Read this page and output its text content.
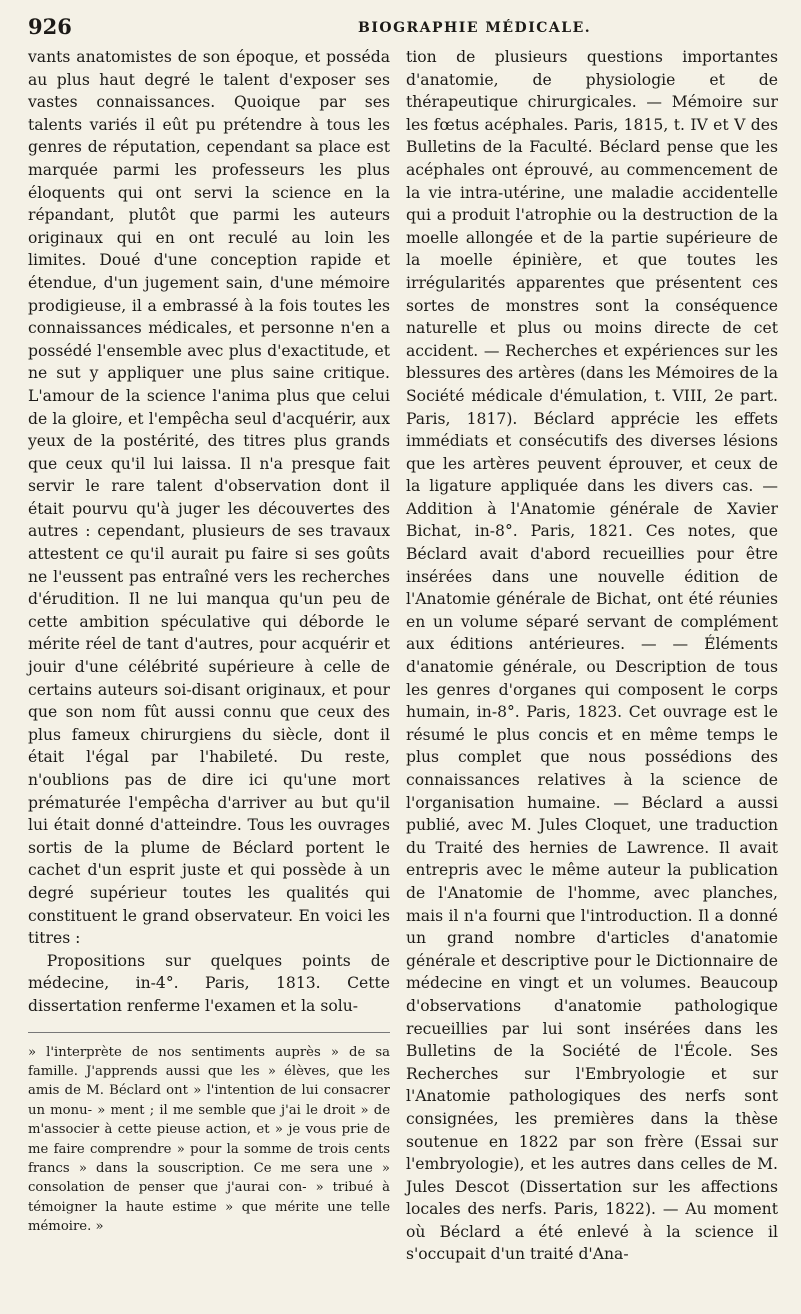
926	BIOGRAPHIE MÉDICALE.

vants anatomistes de son époque, et posséda au plus haut degré le talent d'exposer ses vastes connaissances. Quoique par ses talents variés il eût pu prétendre à tous les genres de réputation, cependant sa place est marquée parmi les professeurs les plus éloquents qui ont servi la science en la répandant, plutôt que parmi les auteurs originaux qui en ont reculé au loin les limites. Doué d'une conception rapide et étendue, d'un jugement sain, d'une mémoire prodigieuse, il a embrassé à la fois toutes les connaissances médicales, et personne n'en a possédé l'ensemble avec plus d'exactitude, et ne sut y appliquer une plus saine critique. L'amour de la science l'anima plus que celui de la gloire, et l'empêcha seul d'acquérir, aux yeux de la postérité, des titres plus grands que ceux qu'il lui laissa. Il n'a presque fait servir le rare talent d'observation dont il était pourvu qu'à juger les découvertes des autres : cependant, plusieurs de ses travaux attestent ce qu'il aurait pu faire si ses goûts ne l'eussent pas entraîné vers les recherches d'érudition. Il ne lui manqua qu'un peu de cette ambition spéculative qui déborde le mérite réel de tant d'autres, pour acquérir et jouir d'une célébrité supérieure à celle de certains auteurs soi-disant originaux, et pour que son nom fût aussi connu que ceux des plus fameux chirurgiens du siècle, dont il était l'égal par l'habileté. Du reste, n'oublions pas de dire ici qu'une mort prématurée l'empêcha d'arriver au but qu'il lui était donné d'atteindre. Tous les ouvrages sortis de la plume de Béclard portent le cachet d'un esprit juste et qui possède à un degré supérieur toutes les qualités qui constituent le grand observateur. En voici les titres :

Propositions sur quelques points de médecine, in-4°. Paris, 1813. Cette dissertation renferme l'examen et la solu-

» l'interprète de nos sentiments auprès » de sa famille. J'apprends aussi que les » élèves, que les amis de M. Béclard ont » l'intention de lui consacrer un monu- » ment ; il me semble que j'ai le droit » de m'associer à cette pieuse action, et » je vous prie de me faire comprendre » pour la somme de trois cents francs » dans la souscription. Ce me sera une » consolation de penser que j'aurai con- » tribué à témoigner la haute estime » que mérite une telle mémoire. »

tion de plusieurs questions importantes d'anatomie, de physiologie et de thérapeutique chirurgicales. — Mémoire sur les fœtus acéphales. Paris, 1815, t. IV et V des Bulletins de la Faculté. Béclard pense que les acéphales ont éprouvé, au commencement de la vie intra-utérine, une maladie accidentelle qui a produit l'atrophie ou la destruction de la moelle allongée et de la partie supérieure de la moelle épinière, et que toutes les irrégularités apparentes que présentent ces sortes de monstres sont la conséquence naturelle et plus ou moins directe de cet accident. — Recherches et expériences sur les blessures des artères (dans les Mémoires de la Société médicale d'émulation, t. VIII, 2e part. Paris, 1817). Béclard apprécie les effets immédiats et consécutifs des diverses lésions que les artères peuvent éprouver, et ceux de la ligature appliquée dans les divers cas. — Addition à l'Anatomie générale de Xavier Bichat, in-8°. Paris, 1821. Ces notes, que Béclard avait d'abord recueillies pour être insérées dans une nouvelle édition de l'Anatomie générale de Bichat, ont été réunies en un volume séparé servant de complément aux éditions antérieures. — — Éléments d'anatomie générale, ou Description de tous les genres d'organes qui composent le corps humain, in-8°. Paris, 1823. Cet ouvrage est le résumé le plus concis et en même temps le plus complet que nous possédions des connaissances relatives à la science de l'organisation humaine. — Béclard a aussi publié, avec M. Jules Cloquet, une traduction du Traité des hernies de Lawrence. Il avait entrepris avec le même auteur la publication de l'Anatomie de l'homme, avec planches, mais il n'a fourni que l'introduction. Il a donné un grand nombre d'articles d'anatomie générale et descriptive pour le Dictionnaire de médecine en vingt et un volumes. Beaucoup d'observations d'anatomie pathologique recueillies par lui sont insérées dans les Bulletins de la Société de l'École. Ses Recherches sur l'Embryologie et sur l'Anatomie pathologiques des nerfs sont consignées, les premières dans la thèse soutenue en 1822 par son frère (Essai sur l'embryologie), et les autres dans celles de M. Jules Descot (Dissertation sur les affections locales des nerfs. Paris, 1822). — Au moment où Béclard a été enlevé à la science il s'occupait d'un traité d'Ana-
